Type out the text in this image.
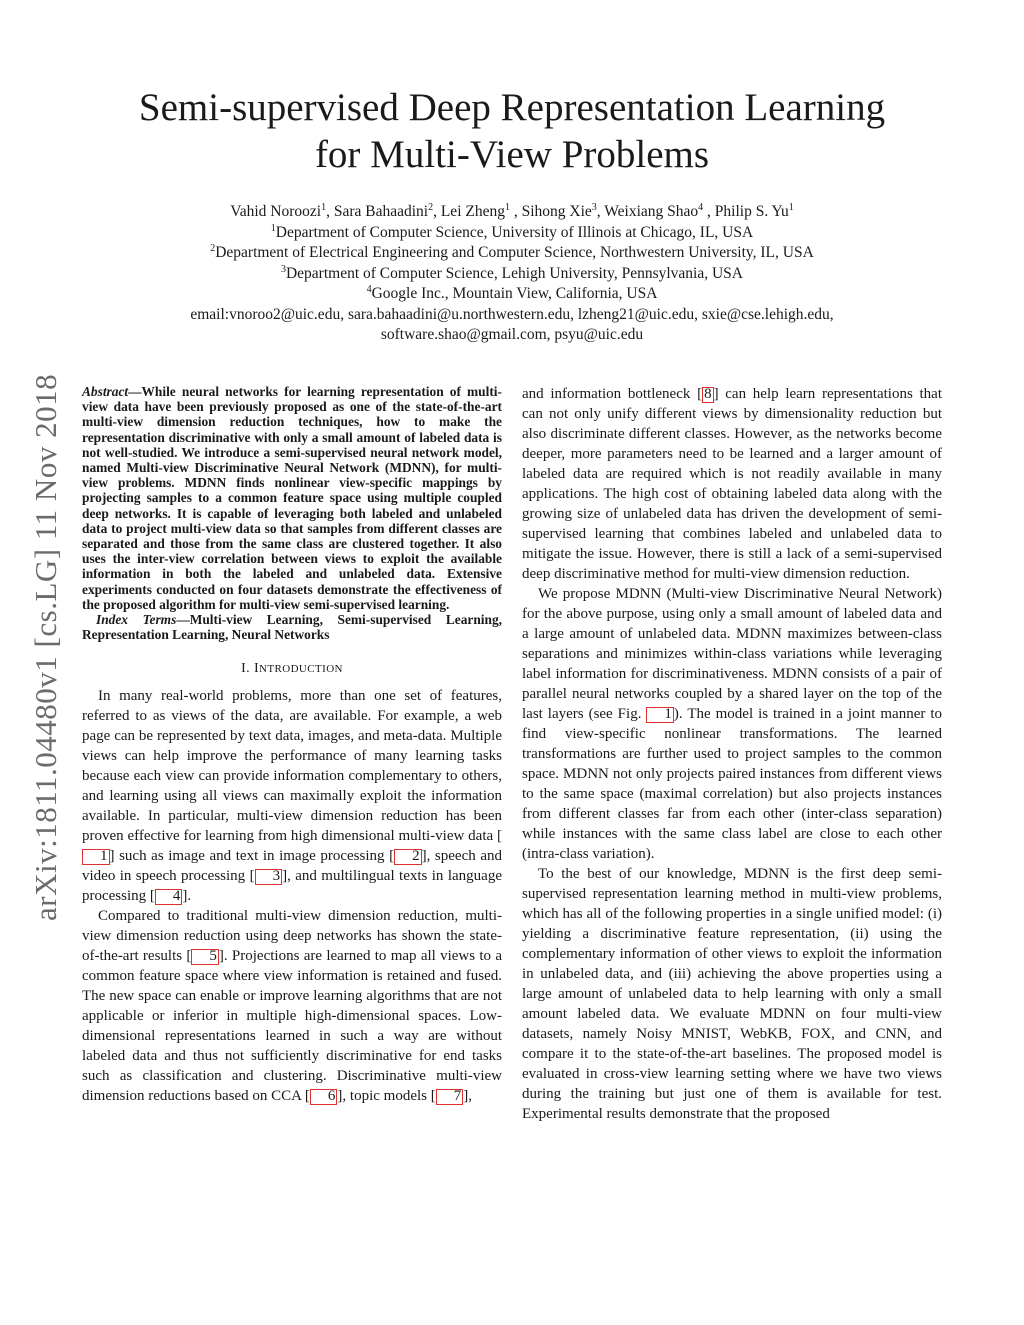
arXiv:1811.04480v1 [cs.LG] 11 Nov 2018
Semi-supervised Deep Representation Learning
for Multi-View Problems
Vahid Noroozi$^1$, Sara Bahaadini$^2$, Lei Zheng$^1$ , Sihong Xie$^3$, Weixiang Shao$^4$ , Philip S. Yu$^1$
$^1$Department of Computer Science, University of Illinois at Chicago, IL, USA
$^2$Department of Electrical Engineering and Computer Science, Northwestern University, IL, USA
$^3$Department of Computer Science, Lehigh University, Pennsylvania, USA
$^4$Google Inc., Mountain View, California, USA
email:vnoroo2@uic.edu, sara.bahaadini@u.northwestern.edu, lzheng21@uic.edu, sxie@cse.lehigh.edu,
software.shao@gmail.com, psyu@uic.edu

Abstract—While neural networks for learning representation of multi-view data have been previously proposed as one of the state-of-the-art multi-view dimension reduction techniques, how to make the representation discriminative with only a small amount of labeled data is not well-studied. We introduce a semi-supervised neural network model, named Multi-view Discriminative Neural Network (MDNN), for multi-view problems. MDNN finds nonlinear view-specific mappings by projecting samples to a common feature space using multiple coupled deep networks. It is capable of leveraging both labeled and unlabeled data to project multi-view data so that samples from different classes are separated and those from the same class are clustered together. It also uses the inter-view correlation between views to exploit the available information in both the labeled and unlabeled data. Extensive experiments conducted on four datasets demonstrate the effectiveness of the proposed algorithm for multi-view semi-supervised learning.

Index Terms—Multi-view Learning, Semi-supervised Learning, Representation Learning, Neural Networks

I. INTRODUCTION

In many real-world problems, more than one set of features, referred to as views of the data, are available. For example, a web page can be represented by text data, images, and meta-data. Multiple views can help improve the performance of many learning tasks because each view can provide information complementary to others, and learning using all views can maximally exploit the information available. In particular, multi-view dimension reduction has been proven effective for learning from high dimensional multi-view data [1 ] such as image and text in image processing [ 2 ], speech and video in speech processing [ 3 ], and multilingual texts in language processing [ 4 ].

Compared to traditional multi-view dimension reduction, multi-view dimension reduction using deep networks has shown the state-of-the-art results [ 5 ]. Projections are learned to map all views to a common feature space where view information is retained and fused. The new space can enable or improve learning algorithms that are not applicable or inferior in multiple high-dimensional spaces. Low-dimensional representations learned in such a way are without labeled data and thus not sufficiently discriminative for end tasks such as classification and clustering. Discriminative multi-view dimension reductions based on CCA [ 6 ], topic models [ 7 ],

and information bottleneck [ 8 ] can help learn representations that can not only unify different views by dimensionality reduction but also discriminate different classes. However, as the networks become deeper, more parameters need to be learned and a larger amount of labeled data are required which is not readily available in many applications. The high cost of obtaining labeled data along with the growing size of unlabeled data has driven the development of semi-supervised learning that combines labeled and unlabeled data to mitigate the issue. However, there is still a lack of a semi-supervised deep discriminative method for multi-view dimension reduction.

We propose MDNN (Multi-view Discriminative Neural Network) for the above purpose, using only a small amount of labeled data and a large amount of unlabeled data. MDNN maximizes between-class separations and minimizes within-class variations while leveraging label information for discriminativeness. MDNN consists of a pair of parallel neural networks coupled by a shared layer on the top of the last layers (see Fig. 1 ). The model is trained in a joint manner to find view-specific nonlinear transformations. The learned transformations are further used to project samples to the common space. MDNN not only projects paired instances from different views to the same space (maximal correlation) but also projects instances from different classes far from each other (inter-class separation) while instances with the same class label are close to each other (intra-class variation).

To the best of our knowledge, MDNN is the first deep semi-supervised representation learning method in multi-view problems, which has all of the following properties in a single unified model: (i) yielding a discriminative feature representation, (ii) using the complementary information of other views to exploit the information in unlabeled data, and (iii) achieving the above properties using a large amount of unlabeled data to help learning with only a small amount labeled data. We evaluate MDNN on four multi-view datasets, namely Noisy MNIST, WebKB, FOX, and CNN, and compare it to the state-of-the-art baselines. The proposed model is evaluated in cross-view learning setting where we have two views during the training but just one of them is available for test. Experimental results demonstrate that the proposed
